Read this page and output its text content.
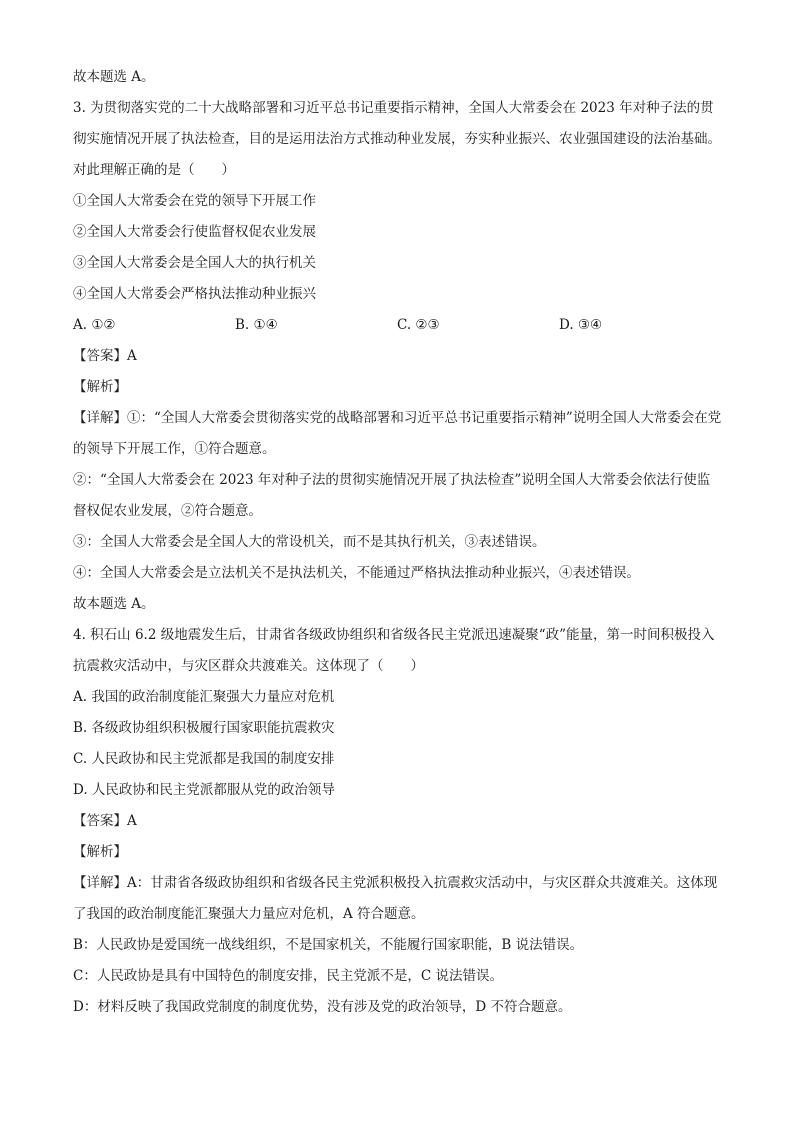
故本题选 A。
3. 为贯彻落实党的二十大战略部署和习近平总书记重要指示精神，全国人大常委会在 2023 年对种子法的贯彻实施情况开展了执法检查，目的是运用法治方式推动种业发展，夯实种业振兴、农业强国建设的法治基础。对此理解正确的是（　　）
①全国人大常委会在党的领导下开展工作
②全国人大常委会行使监督权促农业发展
③全国人大常委会是全国人大的执行机关
④全国人大常委会严格执法推动种业振兴
A. ①②	B. ①④	C. ②③	D. ③④
【答案】A
【解析】
【详解】①：“全国人大常委会贯彻落实党的战略部署和习近平总书记重要指示精神”说明全国人大常委会在党的领导下开展工作，①符合题意。
②：“全国人大常委会在 2023 年对种子法的贯彻实施情况开展了执法检查”说明全国人大常委会依法行使监督权促农业发展，②符合题意。
③：全国人大常委会是全国人大的常设机关，而不是其执行机关，③表述错误。
④：全国人大常委会是立法机关不是执法机关，不能通过严格执法推动种业振兴，④表述错误。
故本题选 A。
4. 积石山 6.2 级地震发生后，甘肃省各级政协组织和省级各民主党派迅速凝聚“政”能量，第一时间积极投入抗震救灾活动中，与灾区群众共渡难关。这体现了（　　）
A. 我国的政治制度能汇聚强大力量应对危机
B. 各级政协组织积极履行国家职能抗震救灾
C. 人民政协和民主党派都是我国的制度安排
D. 人民政协和民主党派都服从党的政治领导
【答案】A
【解析】
【详解】A：甘肃省各级政协组织和省级各民主党派积极投入抗震救灾活动中，与灾区群众共渡难关。这体现了我国的政治制度能汇聚强大力量应对危机，A 符合题意。
B：人民政协是爱国统一战线组织，不是国家机关，不能履行国家职能，B 说法错误。
C：人民政协是具有中国特色的制度安排，民主党派不是，C 说法错误。
D：材料反映了我国政党制度的制度优势，没有涉及党的政治领导，D 不符合题意。
